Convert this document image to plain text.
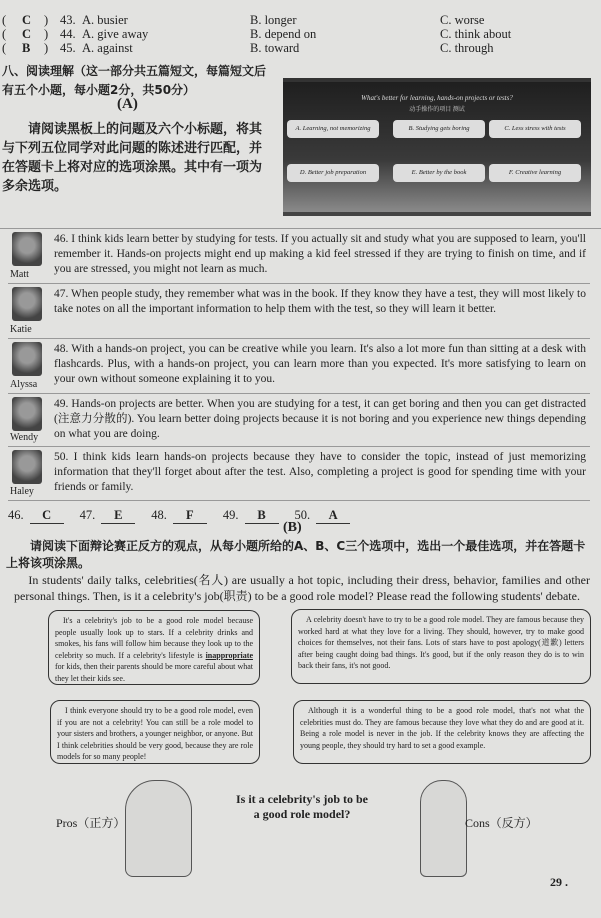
( C ) 43. A. busier	B. longer	C. worse
( C ) 44. A. give away	B. depend on	C. think about
( B ) 45. A. against	B. toward	C. through
八、阅读理解（这一部分共五篇短文，每篇短文后有五个小题，每小题2分，共50分）
(A)
请阅读黑板上的问题及六个小标题，将其与下列五位同学对此问题的陈述进行匹配，并在答题卡上将对应的选项涂黑。其中有一项为多余选项。
What's better for learning, hands-on projects or tests?
动手操作的项目 测试
A. Learning, not memorizing	B. Studying gets boring	C. Less stress with tests
D. Better job preparation	E. Better by the book	F. Creative learning
Matt
46. I think kids learn better by studying for tests. If you actually sit and study what you are supposed to learn, you'll remember it. Hands-on projects might end up making a kid feel stressed if they are trying to finish on time, and if you are stressed, you might not learn as much.
Katie
47. When people study, they remember what was in the book. If they know they have a test, they will most likely to take notes on all the important information to help them with the test, so they will learn it better.
Alyssa
48. With a hands-on project, you can be creative while you learn. It's also a lot more fun than sitting at a desk with flashcards. Plus, with a hands-on project, you can learn more than you expected. It's more satisfying to learn on your own without someone explaining it to you.
Wendy
49. Hands-on projects are better. When you are studying for a test, it can get boring and then you can get distracted (注意力分散的). You learn better doing projects because it is not boring and you experience new things depending on what you are doing.
Haley
50. I think kids learn hands-on projects because they have to consider the topic, instead of just memorizing information that they'll forget about after the test. Also, completing a project is good for spending time with your friends or family.
46. C 47. E 48. F 49. B 50. A
(B)
请阅读下面辩论赛正反方的观点，从每小题所给的A、B、C三个选项中，选出一个最佳选项，并在答题卡上将该项涂黑。
In students' daily talks, celebrities(名人) are usually a hot topic, including their dress, behavior, families and other personal things. Then, is it a celebrity's job(职责) to be a good role model? Please read the following students' debate.
It's a celebrity's job to be a good role model because people usually look up to stars. If a celebrity drinks and smokes, his fans will follow him because they look up to the celebrity so much. If a celebrity's lifestyle is inappropriate for kids, then their parents should be more careful about what they let their kids see.
I think everyone should try to be a good role model, even if you are not a celebrity! You can still be a role model to your sisters and brothers, a younger neighbor, or anyone. But I think celebrities should be very good, because they are role models for so many people!
A celebrity doesn't have to try to be a good role model. They are famous because they worked hard at what they love for a living. They should, however, try to make good choices for themselves, not their fans. Lots of stars have to post apology(道歉) letters after being caught doing bad things. It's good, but if the only reason they do is to win back their fans, it's not good.
Although it is a wonderful thing to be a good role model, that's not what the celebrities must do. They are famous because they love what they do and are good at it. Being a role model is never in the job. If the celebrity knows they are affecting the young people, they should try hard to set a good example.
Pros（正方）	Cons（反方）
Is it a celebrity's job to be a good role model?
29 .
